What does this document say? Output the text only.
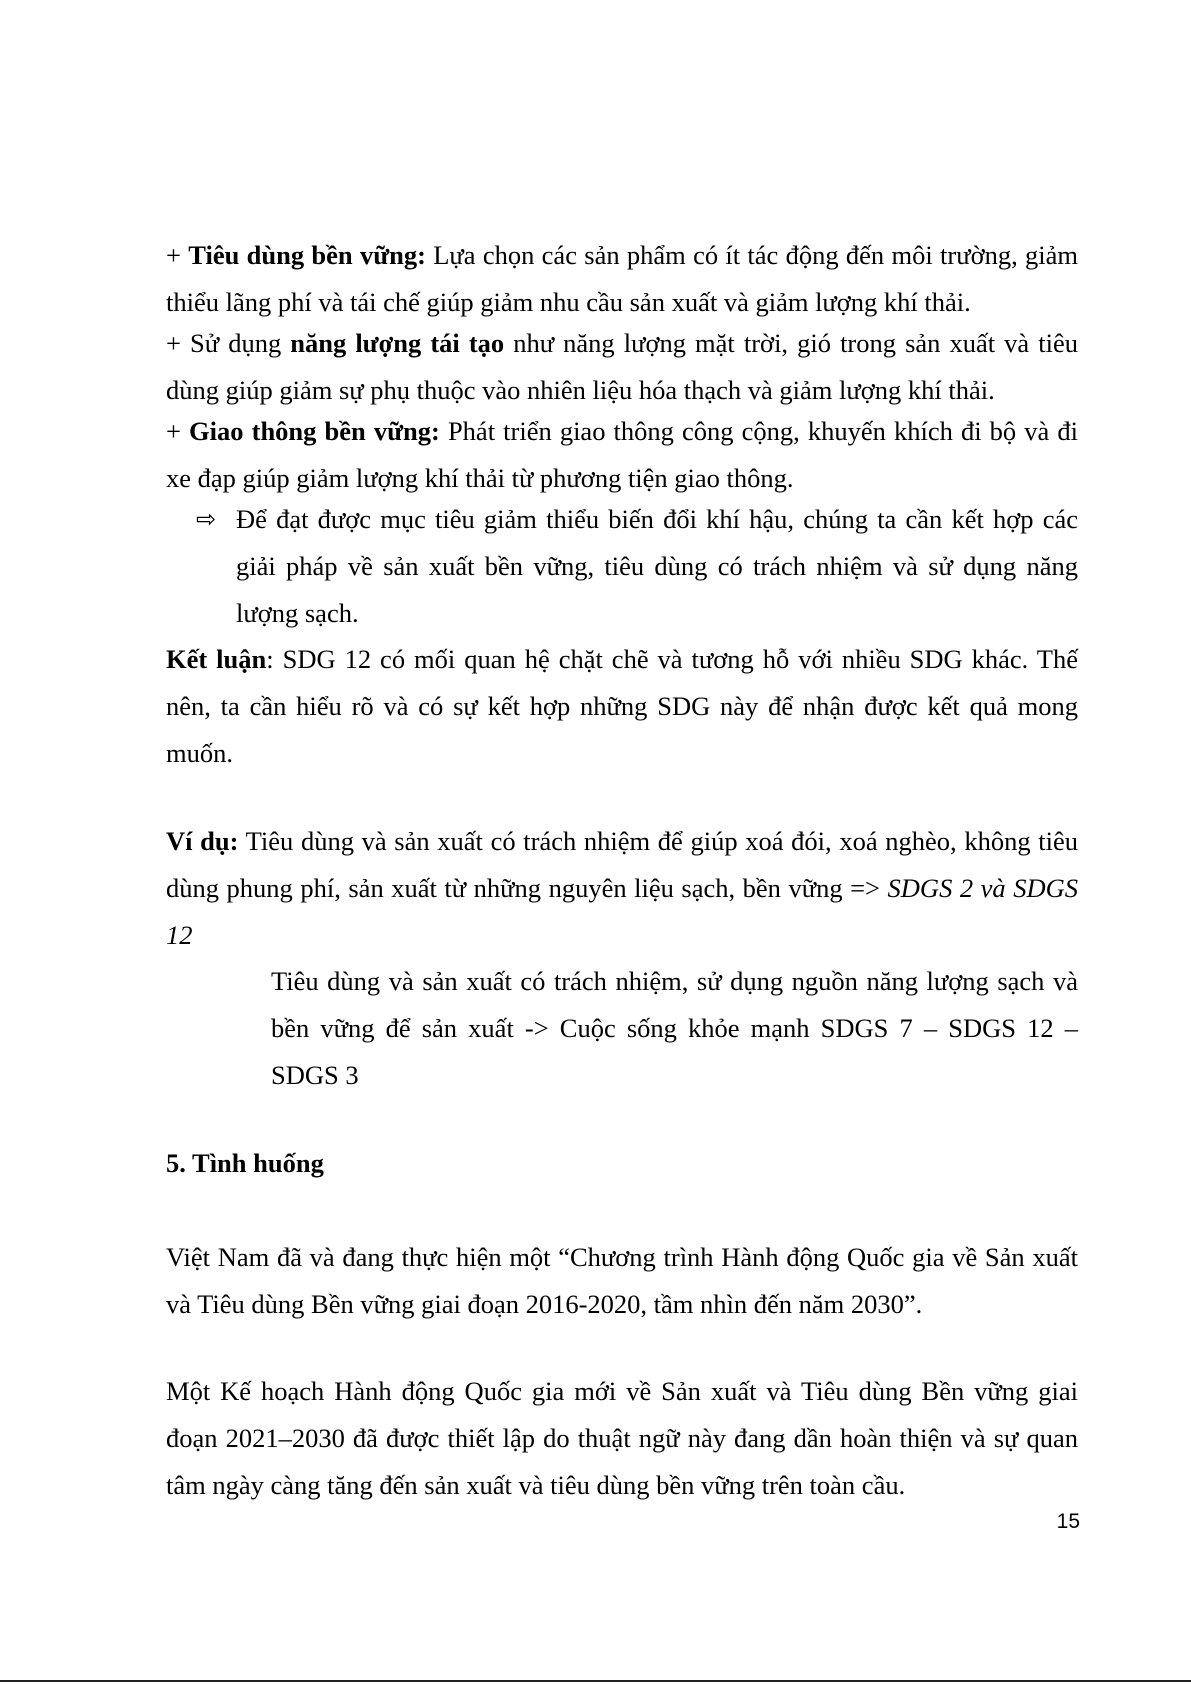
+ Tiêu dùng bền vững: Lựa chọn các sản phẩm có ít tác động đến môi trường, giảm thiểu lãng phí và tái chế giúp giảm nhu cầu sản xuất và giảm lượng khí thải.

+ Sử dụng năng lượng tái tạo như năng lượng mặt trời, gió trong sản xuất và tiêu dùng giúp giảm sự phụ thuộc vào nhiên liệu hóa thạch và giảm lượng khí thải.

+ Giao thông bền vững: Phát triển giao thông công cộng, khuyến khích đi bộ và đi xe đạp giúp giảm lượng khí thải từ phương tiện giao thông.

⇨ Để đạt được mục tiêu giảm thiểu biến đổi khí hậu, chúng ta cần kết hợp các giải pháp về sản xuất bền vững, tiêu dùng có trách nhiệm và sử dụng năng lượng sạch.

Kết luận: SDG 12 có mối quan hệ chặt chẽ và tương hỗ với nhiều SDG khác. Thế nên, ta cần hiểu rõ và có sự kết hợp những SDG này để nhận được kết quả mong muốn.

Ví dụ: Tiêu dùng và sản xuất có trách nhiệm để giúp xoá đói, xoá nghèo, không tiêu dùng phung phí, sản xuất từ những nguyên liệu sạch, bền vững => SDGS 2 và SDGS 12

Tiêu dùng và sản xuất có trách nhiệm, sử dụng nguồn năng lượng sạch và bền vững để sản xuất -> Cuộc sống khỏe mạnh SDGS 7 – SDGS 12 – SDGS 3

5. Tình huống

Việt Nam đã và đang thực hiện một “Chương trình Hành động Quốc gia về Sản xuất và Tiêu dùng Bền vững giai đoạn 2016-2020, tầm nhìn đến năm 2030”.

Một Kế hoạch Hành động Quốc gia mới về Sản xuất và Tiêu dùng Bền vững giai đoạn 2021–2030 đã được thiết lập do thuật ngữ này đang dần hoàn thiện và sự quan tâm ngày càng tăng đến sản xuất và tiêu dùng bền vững trên toàn cầu.

15
